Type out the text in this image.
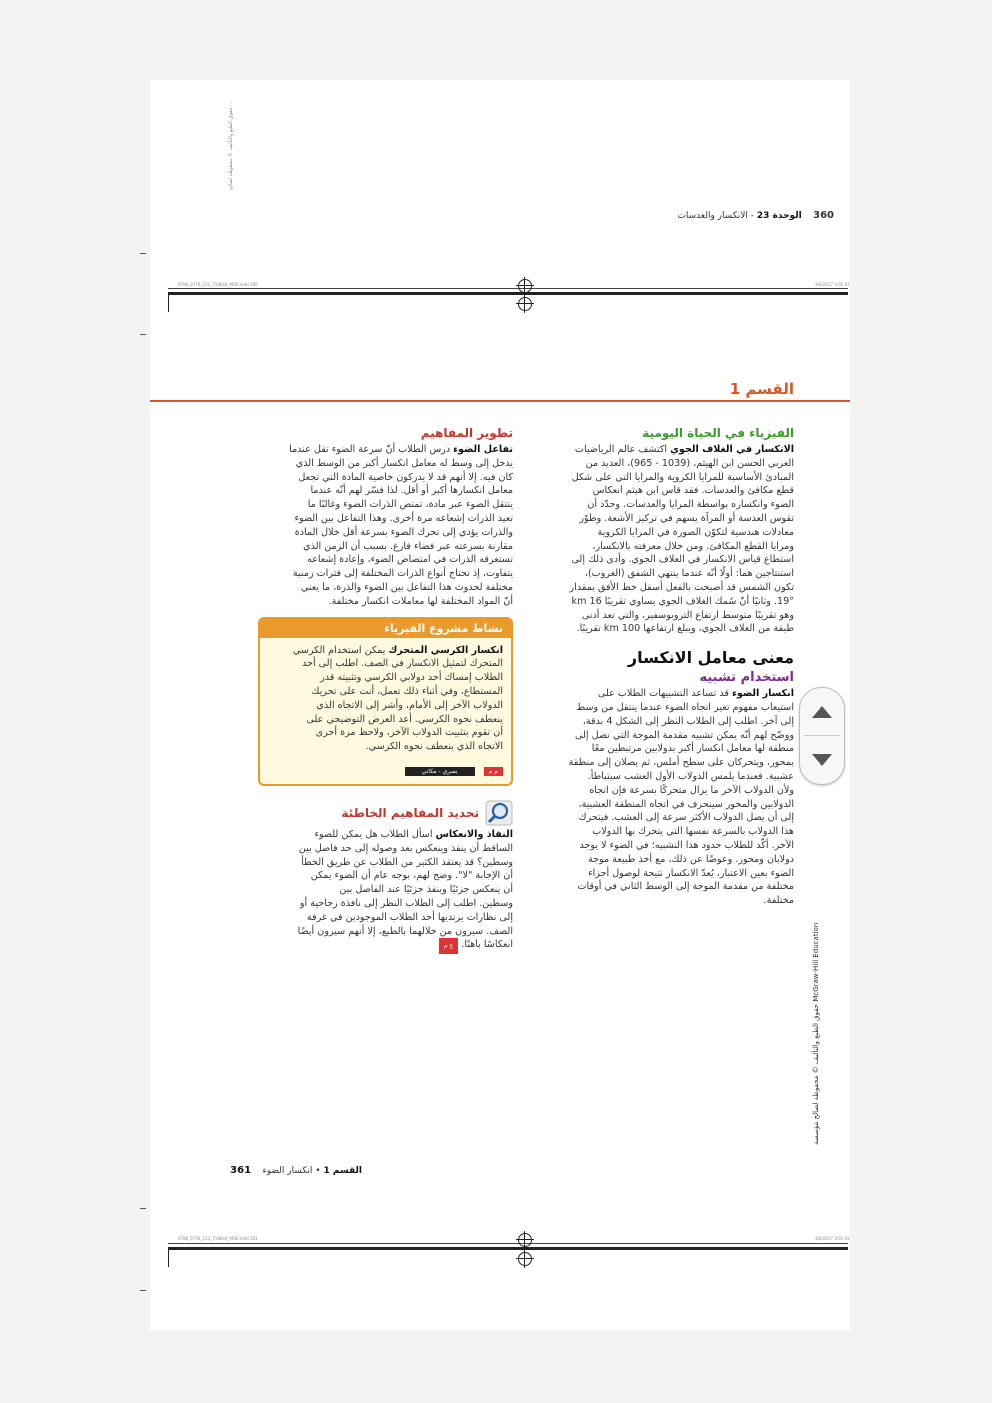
حقوق الطبع والتأليف © محفوظة لصالح ...
360    الوحدة 23 - الانكسار والعدسات
0786_0776_C23_718644_MOE.indd 360	3/6/2017 3:01:41
القسم 1
الفيزياء في الحياة اليومية
الانكسار في الغلاف الجوي اكتشف عالم الرياضيات
العربي الحسن ابن الهيثم، (1039 - 965)، العديد من
المبادئ الأساسية للمرايا الكروية والمرايا التي على شكل
قطع مكافئ والعدسات. فقد قاس ابن هيثم انعكاس
الضوء وانكساره بواسطة المرايا والعدسات. وحدّد أن
تقوس العدسة أو المرآة يسهم في تركيز الأشعة. وطوّر
معادلات هندسية لتكوّن الصورة في المرايا الكروية
ومرايا القطع المكافئ. ومن خلال معرفته بالانكسار،
استطاع قياس الانكسار في الغلاف الجوي. وأدى ذلك إلى
استنتاجين هما: أولًا أنّه عندما ينتهي الشفق (الغروب)،
تكون الشمس قد أصبحت بالفعل أسفل خط الأفق بمقدار
19°. وثانيًا أنّ سُمك الغلاف الجوي يساوي تقريبًا 16 km
وهو تقريبًا متوسط ارتفاع التروبوسفير، والتي تعد أدنى
طبقة من الغلاف الجوي، ويبلغ ارتفاعها 100 km تقريبًا.
معنى معامل الانكسار
استخدام تشبيه
انكسار الضوء قد تساعد التشبيهات الطلاب على
استيعاب مفهوم تغير اتجاه الضوء عندما ينتقل من وسط
إلى آخر. اطلب إلى الطلاب النظر إلى الشكل 4 بدقة،
ووضّح لهم أنّه يمكن تشبيه مقدمة الموجة التي تصل إلى
منطقة لها معامل انكسار أكبر بدولابين مرتبطين معًا
بمحور، ويتحركان على سطح أملس، ثم يصلان إلى منطقة
عشبية. فعندما يلمس الدولاب الأول العشب سيتباطأ.
ولأن الدولاب الآخر ما يزال متحركًا بسرعة فإن اتجاه
الدولابين والمحور سينحرف في اتجاه المنطقة العشبية،
إلى أن يصل الدولاب الأكثر سرعة إلى العشب. فيتحرك
هذا الدولاب بالسرعة نفسها التي يتحرك بها الدولاب
الآخر. أكّد للطلاب حدود هذا التشبيه؛ في الضوء لا يوجد
دولابان ومحور. وعوضًا عن ذلك، مع أخذ طبيعة موجة
الضوء بعين الاعتبار، يُعدّ الانكسار نتيجة لوصول أجزاء
مختلفة من مقدمة الموجة إلى الوسط الثاني في أوقات
مختلفة.
تطوير المفاهيم
تفاعل الضوء درس الطلاب أنّ سرعة الضوء تقل عندما
يدخل إلى وسط له معامل انكسار أكبر من الوسط الذي
كان فيه. إلا أنهم قد لا يدركون خاصية المادة التي تجعل
معامل انكسارها أكبر أو أقل. لذا فسّر لهم أنّه عندما
ينتقل الضوء عبر مادة، تمتص الذرات الضوء وغالبًا ما
تعيد الذرات إشعاعه مرة أخرى. وهذا التفاعل بين الضوء
والذرات يؤدي إلى تحرك الضوء بسرعة أقل خلال المادة
مقارنة بسرعته عبر فضاء فارغ. بسبب أن الزمن الذي
تستغرقه الذرات في امتصاص الضوء، وإعادة إشعاعه
يتفاوت، إذ تحتاج أنواع الذرات المختلفة إلى فترات زمنية
مختلفة لحدوث هذا التفاعل بين الضوء والذرة، ما يعني
أنّ المواد المختلفة لها معاملات انكسار مختلفة.
نشاط مشروع الفيزياء
انكسار الكرسي المتحرك يمكن استخدام الكرسي
المتحرك لتمثيل الانكسار في الصف. اطلب إلى أحد
الطلاب إمساك أحد دولابي الكرسي وتثبيته قدر
المستطاع، وفي أثناء ذلك تعمل، أنت على تحريك
الدولاب الآخر إلى الأمام، وأشر إلى الاتجاه الذي
ينعطف نحوه الكرسي. أعد العرض التوضيحي على
أن تقوم بتثبيت الدولاب الآخر، ولاحظ مرة أخرى
الاتجاه الذي ينعطف نحوه الكرسي.
م م بصري - مكاني
تحديد المفاهيم الخاطئة
النفاذ والانعكاس اسأل الطلاب هل يمكن للضوء
الساقط أن ينفذ وينعكس بعد وصوله إلى حد فاصل بين
وسطين؟ قد يعتقد الكثير من الطلاب عن طريق الخطأ
أن الإجابة "لا". وضح لهم، بوجه عام أن الضوء يمكن
أن ينعكس جزئيًا وينفذ جزئيًا عند الفاصل بين
وسطين. اطلب إلى الطلاب النظر إلى نافذة زجاجية أو
إلى نظارات يرتديها أحد الطلاب الموجودين في غرفة
الصف. سيرون من خلالهما بالطبع، إلا أنهم سيرون أيضًا
انعكاسًا باهتًا. ع م
حقوق الطبع والتأليف © محفوظة لصالح مؤسسة McGraw-Hill Education
القسم 1 • انكسار الضوء    361
0786_0776_C23_718644_MOE.indd 361	3/6/2017 3:01:41
